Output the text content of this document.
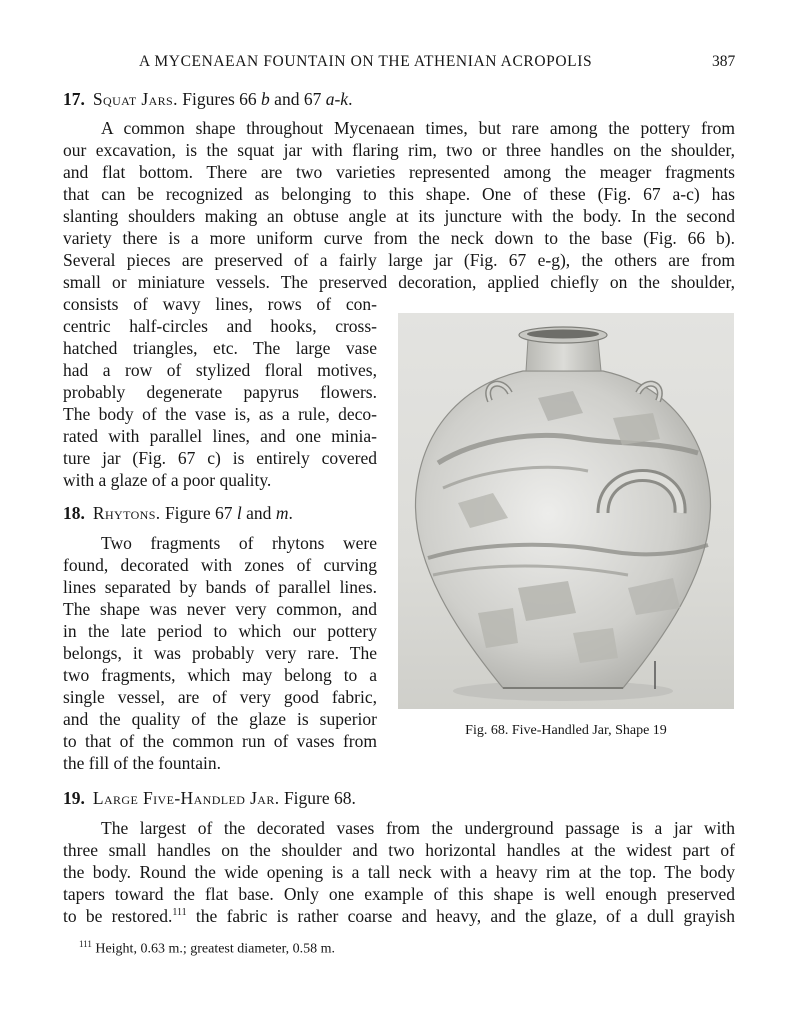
A MYCENAEAN FOUNTAIN ON THE ATHENIAN ACROPOLIS	387
17. Squat Jars. Figures 66 b and 67 a-k.
A common shape throughout Mycenaean times, but rare among the pottery from
our excavation, is the squat jar with flaring rim, two or three handles on the shoulder,
and flat bottom. There are two varieties represented among the meager fragments
that can be recognized as belonging to this shape. One of these (Fig. 67 a-c) has
slanting shoulders making an obtuse angle at its juncture with the body. In the second
variety there is a more uniform curve from the neck down to the base (Fig. 66 b).
Several pieces are preserved of a fairly large jar (Fig. 67 e-g), the others are from
small or miniature vessels. The preserved decoration, applied chiefly on the shoulder,
consists of wavy lines, rows of con-
centric half-circles and hooks, cross-
hatched triangles, etc. The large vase
had a row of stylized floral motives,
probably degenerate papyrus flowers.
The body of the vase is, as a rule, deco-
rated with parallel lines, and one minia-
ture jar (Fig. 67 c) is entirely covered
with a glaze of a poor quality.
18. Rhytons. Figure 67 l and m.
Two fragments of rhytons were
found, decorated with zones of curving
lines separated by bands of parallel lines.
The shape was never very common, and
in the late period to which our pottery
belongs, it was probably very rare. The
two fragments, which may belong to a
single vessel, are of very good fabric,
and the quality of the glaze is superior
to that of the common run of vases from
the fill of the fountain.
Fig. 68. Five-Handled Jar, Shape 19
19. Large Five-Handled Jar. Figure 68.
The largest of the decorated vases from the underground passage is a jar with
three small handles on the shoulder and two horizontal handles at the widest part of
the body. Round the wide opening is a tall neck with a heavy rim at the top. The body
tapers toward the flat base. Only one example of this shape is well enough preserved
to be restored.$^{111}$ the fabric is rather coarse and heavy, and the glaze, of a dull grayish
$^{111}$ Height, 0.63 m.; greatest diameter, 0.58 m.
